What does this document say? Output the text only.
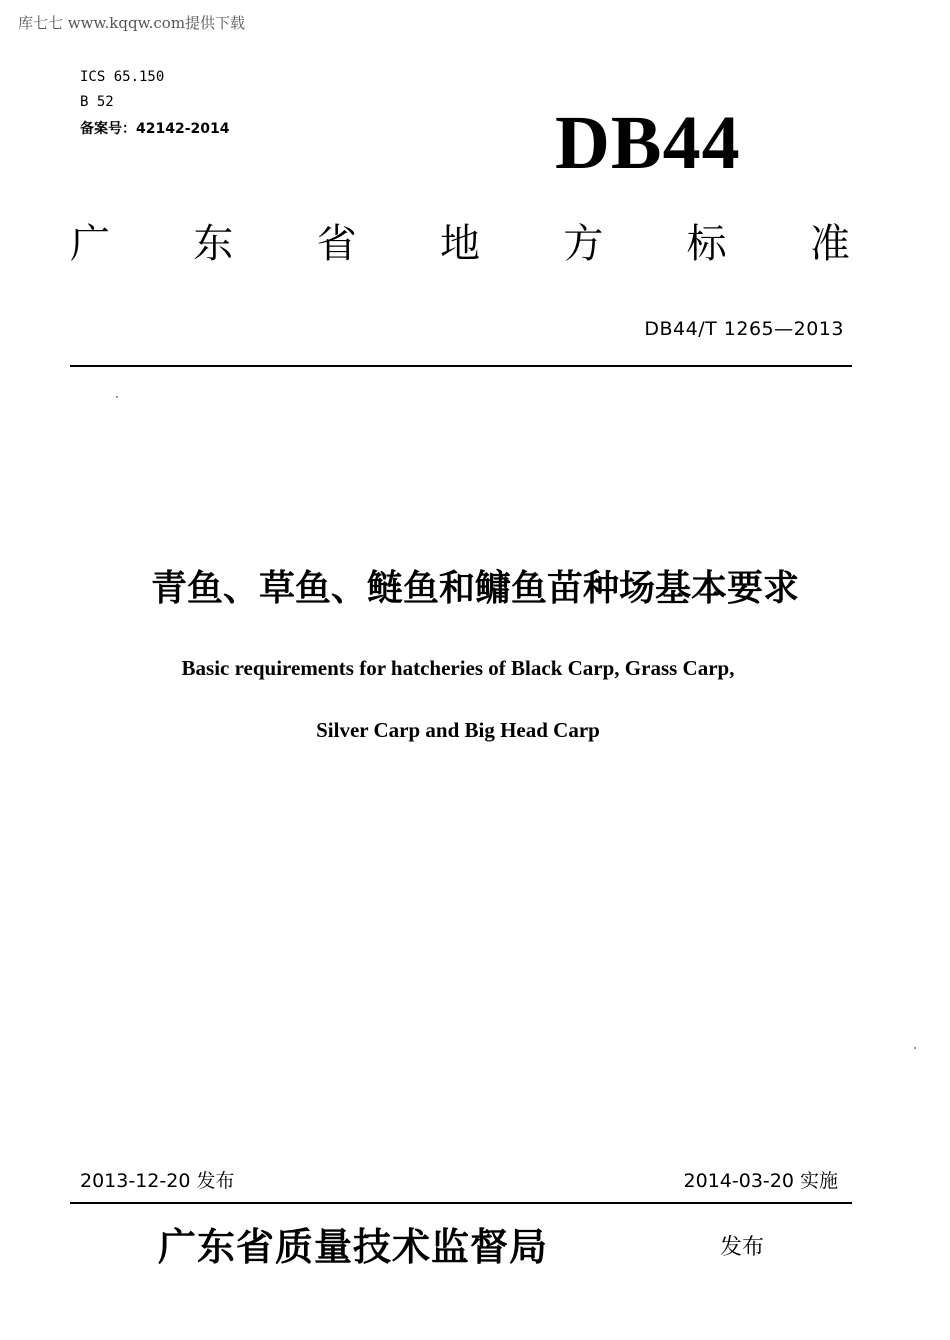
库七七 www.kqqw.com提供下载
ICS 65.150
B 52
备案号：42142-2014	DB44
广 东 省 地 方 标 准
DB44/T 1265—2013
青鱼、草鱼、鲢鱼和鳙鱼苗种场基本要求
Basic requirements for hatcheries of Black Carp, Grass Carp,
Silver Carp and Big Head Carp
2013-12-20 发布	2014-03-20 实施
广东省质量技术监督局	发布
